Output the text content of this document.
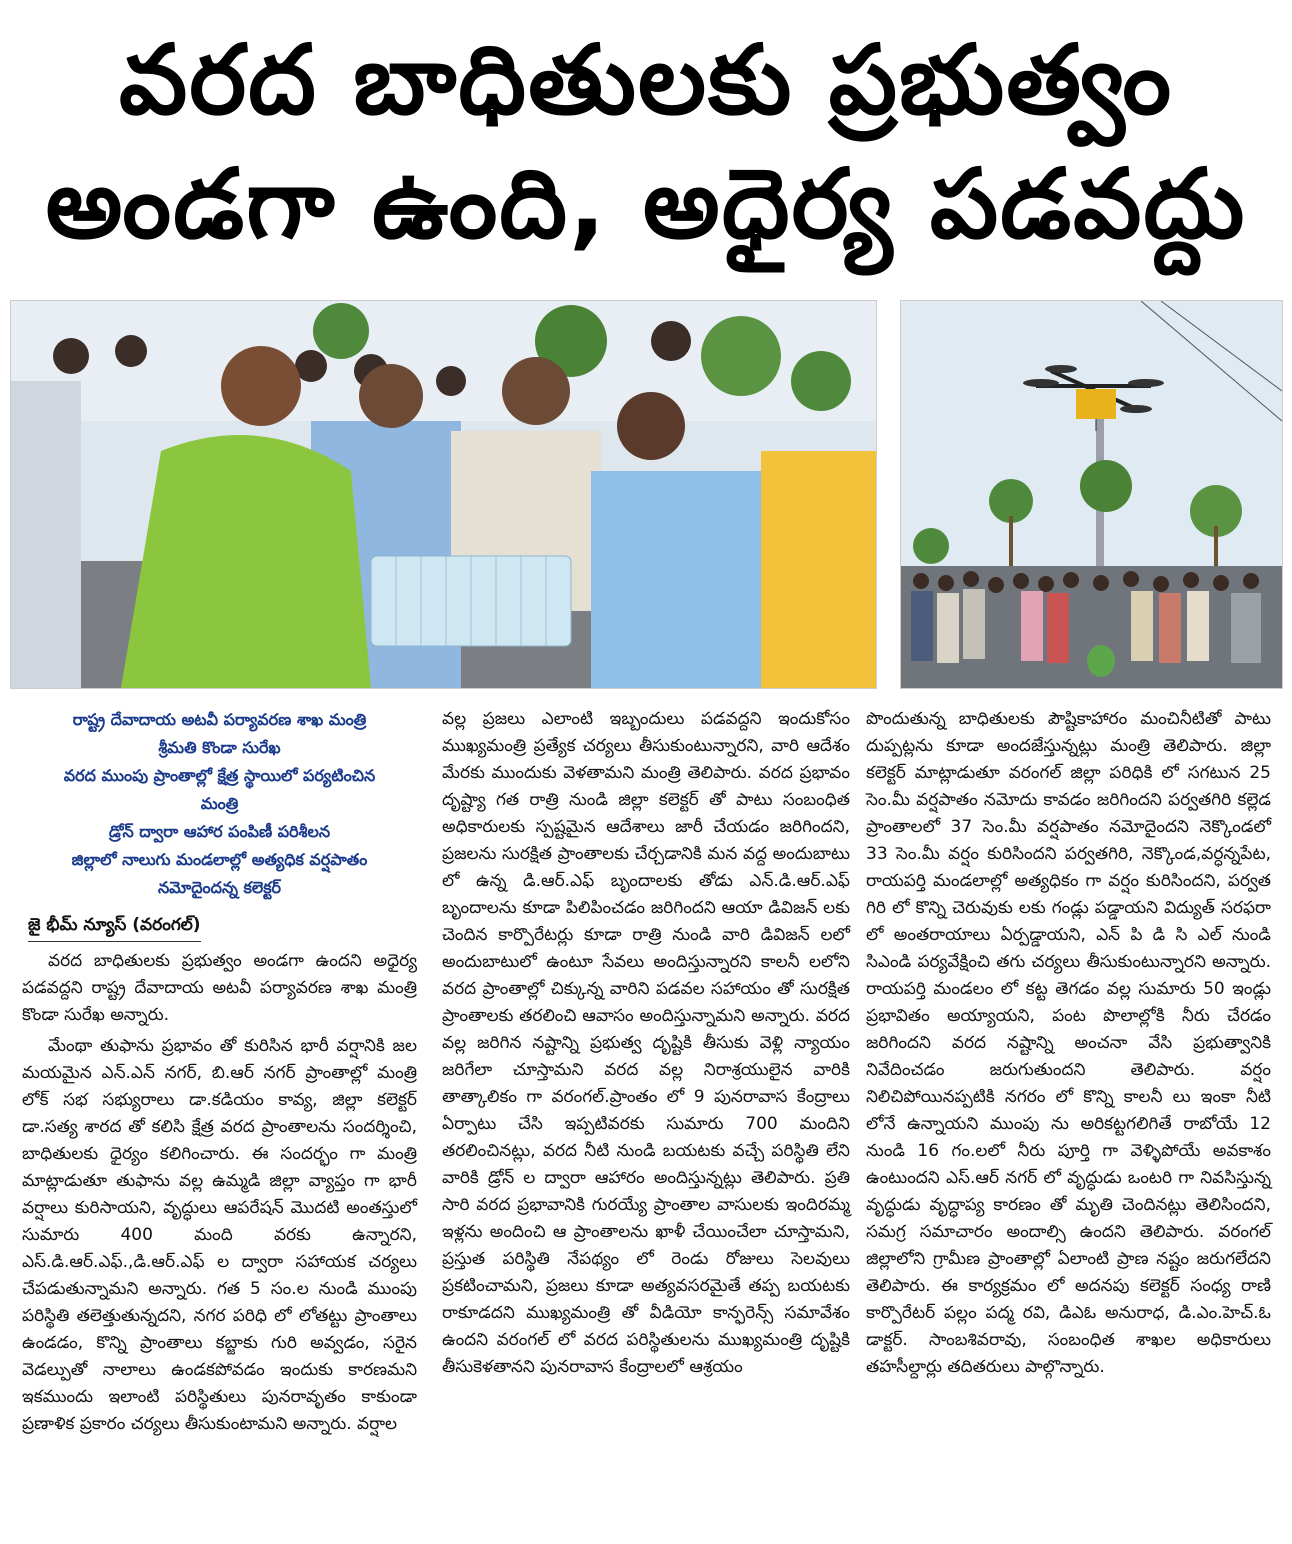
వరద బాధితులకు ప్రభుత్వం
అండగా ఉంది, అధైర్య పడవద్దు
రాష్ట్ర దేవాదాయ అటవీ పర్యావరణ శాఖ మంత్రి
శ్రీమతి కొండా సురేఖ
వరద ముంపు ప్రాంతాల్లో క్షేత్ర స్థాయిలో పర్యటించిన
మంత్రి
డ్రోన్ ద్వారా ఆహార పంపిణీ పరిశీలన
జిల్లాలో నాలుగు మండలాల్లో అత్యధిక వర్షపాతం
నమోదైందన్న కలెక్టర్
జై భీమ్ న్యూస్ (వరంగల్)

వరద బాధితులకు ప్రభుత్వం అండగా ఉందని అధైర్య పడవద్దని రాష్ట్ర దేవాదాయ అటవీ పర్యావరణ శాఖ మంత్రి కొండా సురేఖ అన్నారు.

మేంథా తుఫాను ప్రభావం తో కురిసిన భారీ వర్షానికి జల మయమైన ఎన్.ఎన్ నగర్, బి.ఆర్ నగర్ ప్రాంతాల్లో మంత్రి లోక్ సభ సభ్యురాలు డా.కడియం కావ్య, జిల్లా కలెక్టర్ డా.సత్య శారద తో కలిసి క్షేత్ర వరద ప్రాంతాలను సందర్శించి, బాధితులకు ధైర్యం కలిగించారు. ఈ సందర్భం గా మంత్రి మాట్లాడుతూ తుఫాను వల్ల ఉమ్మడి జిల్లా వ్యాప్తం గా భారీ వర్షాలు కురిసాయని, వృద్ధులు ఆపరేషన్ మొదటి అంతస్తులో సుమారు 400 మంది వరకు ఉన్నారని, ఎస్.డి.ఆర్.ఎఫ్.,డి.ఆర్.ఎఫ్ ల ద్వారా సహాయక చర్యలు చేపడుతున్నామని అన్నారు. గత 5 సం.ల నుండి ముంపు పరిస్థితి తలెత్తుతున్నదని, నగర పరిధి లో లోతట్టు ప్రాంతాలు ఉండడం, కొన్ని ప్రాంతాలు కబ్జాకు గురి అవ్వడం, సరైన వెడల్పుతో నాలాలు ఉండకపోవడం ఇందుకు కారణమని ఇకముందు ఇలాంటి పరిస్థితులు పునరావృతం కాకుండా ప్రణాళిక ప్రకారం చర్యలు తీసుకుంటామని అన్నారు. వర్షాల

వల్ల ప్రజలు ఎలాంటి ఇబ్బందులు పడవద్దని ఇందుకోసం ముఖ్యమంత్రి ప్రత్యేక చర్యలు తీసుకుంటున్నారని, వారి ఆదేశం మేరకు ముందుకు వెళతామని మంత్రి తెలిపారు. వరద ప్రభావం దృష్ట్యా గత రాత్రి నుండి జిల్లా కలెక్టర్ తో పాటు సంబంధిత అధికారులకు స్పష్టమైన ఆదేశాలు జారీ చేయడం జరిగిందని, ప్రజలను సురక్షిత ప్రాంతాలకు చేర్చడానికి మన వద్ద అందుబాటు లో ఉన్న డి.ఆర్.ఎఫ్ బృందాలకు తోడు ఎన్.డి.ఆర్.ఎఫ్ బృందాలను కూడా పిలిపించడం జరిగిందని ఆయా డివిజన్ లకు చెందిన కార్పొరేటర్లు కూడా రాత్రి నుండి వారి డివిజన్ లలో అందుబాటులో ఉంటూ సేవలు అందిస్తున్నారని కాలనీ లలోని వరద ప్రాంతాల్లో చిక్కున్న వారిని పడవల సహాయం తో సురక్షిత ప్రాంతాలకు తరలించి ఆవాసం అందిస్తున్నామని అన్నారు. వరద వల్ల జరిగిన నష్టాన్ని ప్రభుత్వ దృష్టికి తీసుకు వెళ్లి న్యాయం జరిగేలా చూస్తామని వరద వల్ల నిరాశ్రయులైన వారికి తాత్కాలికం గా వరంగల్.ప్రాంతం లో 9 పునరావాస కేంద్రాలు ఏర్పాటు చేసి ఇప్పటివరకు సుమారు 700 మందిని తరలించినట్లు, వరద నీటి నుండి బయటకు వచ్చే పరిస్థితి లేని వారికి డ్రోన్ ల ద్వారా ఆహారం అందిస్తున్నట్లు తెలిపారు. ప్రతి సారి వరద ప్రభావానికి గురయ్యే ప్రాంతాల వాసులకు ఇందిరమ్మ ఇళ్లను అందించి ఆ ప్రాంతాలను ఖాళీ చేయించేలా చూస్తామని, ప్రస్తుత పరిస్థితి నేపథ్యం లో రెండు రోజులు సెలవులు ప్రకటించామని, ప్రజలు కూడా అత్యవసరమైతే తప్ప బయటకు రాకూడదని ముఖ్యమంత్రి తో వీడియో కాన్ఫరెన్స్ సమావేశం ఉందని వరంగల్ లో వరద పరిస్థితులను ముఖ్యమంత్రి దృష్టికి తీసుకెళతానని పునరావాస కేంద్రాలలో ఆశ్రయం

పొందుతున్న బాధితులకు పౌష్టికాహారం మంచినీటితో పాటు దుప్పట్లను కూడా అందజేస్తున్నట్లు మంత్రి తెలిపారు. జిల్లా కలెక్టర్ మాట్లాడుతూ వరంగల్ జిల్లా పరిధికి లో సగటున 25 సెం.మీ వర్షపాతం నమోదు కావడం జరిగిందని పర్వతగిరి కల్లెడ ప్రాంతాలలో 37 సెం.మీ వర్షపాతం నమోదైందని నెక్కొండలో 33 సెం.మీ వర్షం కురిసిందని పర్వతగిరి, నెక్కొండ,వర్ధన్నపేట, రాయపర్తి మండలాల్లో అత్యధికం గా వర్షం కురిసిందని, పర్వత గిరి లో కొన్ని చెరువుకు లకు గండ్లు పడ్డాయని విద్యుత్ సరఫరా లో అంతరాయాలు ఏర్పడ్డాయని, ఎన్ పి డి సి ఎల్ నుండి సిఎండి పర్యవేక్షించి తగు చర్యలు తీసుకుంటున్నారని అన్నారు. రాయపర్తి మండలం లో కట్ట తెగడం వల్ల సుమారు 50 ఇండ్లు ప్రభావితం అయ్యాయని, పంట పొలాల్లోకి నీరు చేరడం జరిగిందని వరద నష్టాన్ని అంచనా వేసి ప్రభుత్వానికి నివేదించడం జరుగుతుందని తెలిపారు. వర్షం నిలిచిపోయినప్పటికి నగరం లో కొన్ని కాలనీ లు ఇంకా నీటి లోనే ఉన్నాయని ముంపు ను అరికట్టగలిగితే రాబోయే 12 నుండి 16 గం.లలో నీరు పూర్తి గా వెళ్ళిపోయే అవకాశం ఉంటుందని ఎస్.ఆర్ నగర్ లో వృద్ధుడు ఒంటరి గా నివసిస్తున్న వృద్ధుడు వృద్ధాప్య కారణం తో మృతి చెందినట్లు తెలిసిందని, సమగ్ర సమాచారం అందాల్సి ఉందని తెలిపారు. వరంగల్ జిల్లాలోని గ్రామీణ ప్రాంతాల్లో ఏలాంటి ప్రాణ నష్టం జరుగలేదని తెలిపారు. ఈ కార్యక్రమం లో అదనపు కలెక్టర్ సంధ్య రాణి కార్పొరేటర్ పల్లం పద్మ రవి, డిఎఓ అనురాధ, డి.ఎం.హెచ్.ఓ డాక్టర్. సాంబశివరావు, సంబంధిత శాఖల అధికారులు తహసీల్దార్లు తదితరులు పాల్గొన్నారు.
